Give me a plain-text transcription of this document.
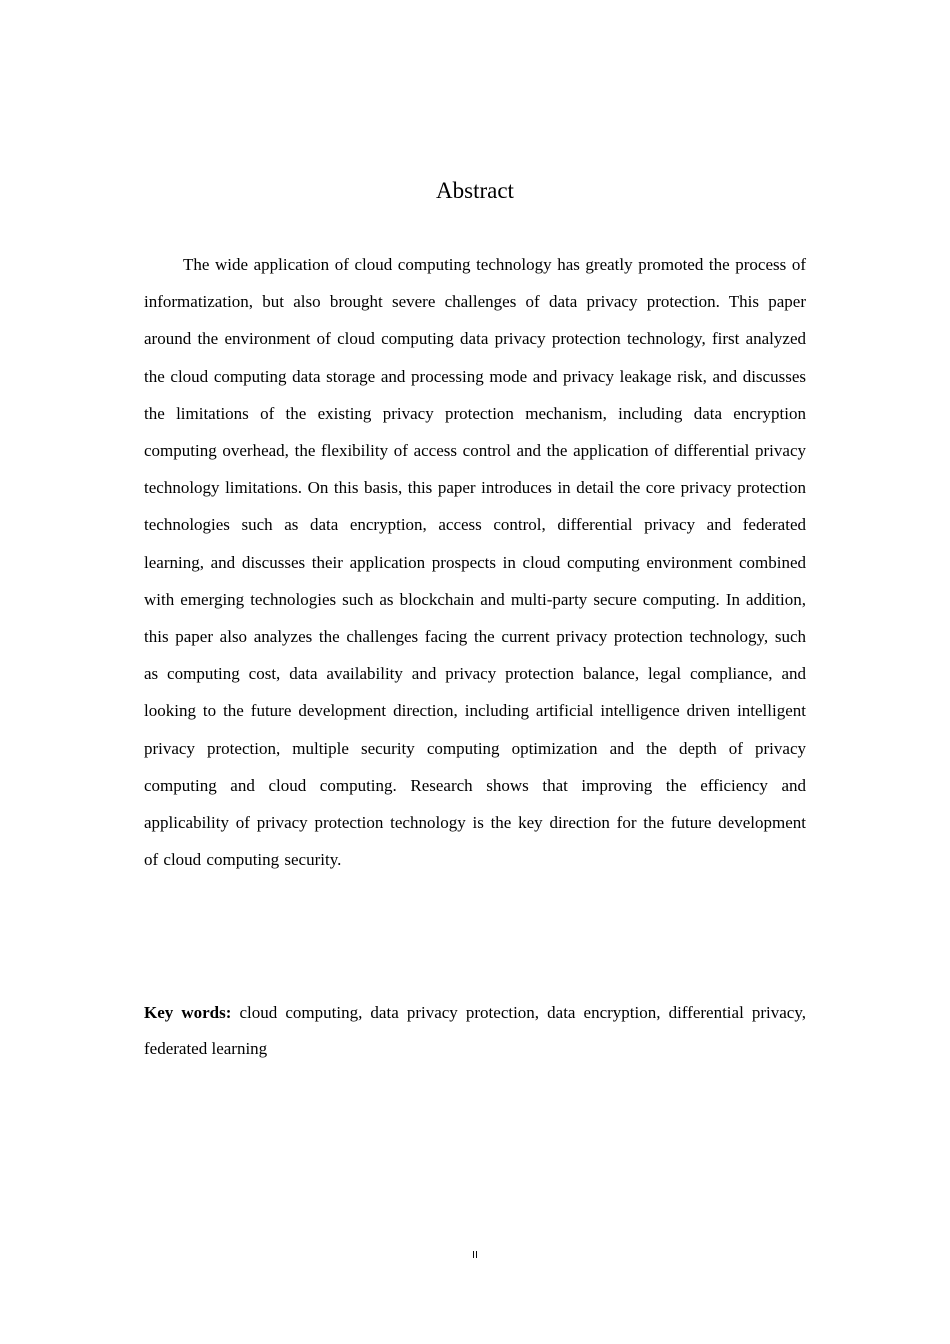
Abstract

The wide application of cloud computing technology has greatly promoted the process of informatization, but also brought severe challenges of data privacy protection. This paper around the environment of cloud computing data privacy protection technology, first analyzed the cloud computing data storage and processing mode and privacy leakage risk, and discusses the limitations of the existing privacy protection mechanism, including data encryption computing overhead, the flexibility of access control and the application of differential privacy technology limitations. On this basis, this paper introduces in detail the core privacy protection technologies such as data encryption, access control, differential privacy and federated learning, and discusses their application prospects in cloud computing environment combined with emerging technologies such as blockchain and multi-party secure computing. In addition, this paper also analyzes the challenges facing the current privacy protection technology, such as computing cost, data availability and privacy protection balance, legal compliance, and looking to the future development direction, including artificial intelligence driven intelligent privacy protection, multiple security computing optimization and the depth of privacy computing and cloud computing. Research shows that improving the efficiency and applicability of privacy protection technology is the key direction for the future development of cloud computing security.

Key words: cloud computing, data privacy protection, data encryption, differential privacy, federated learning

II
